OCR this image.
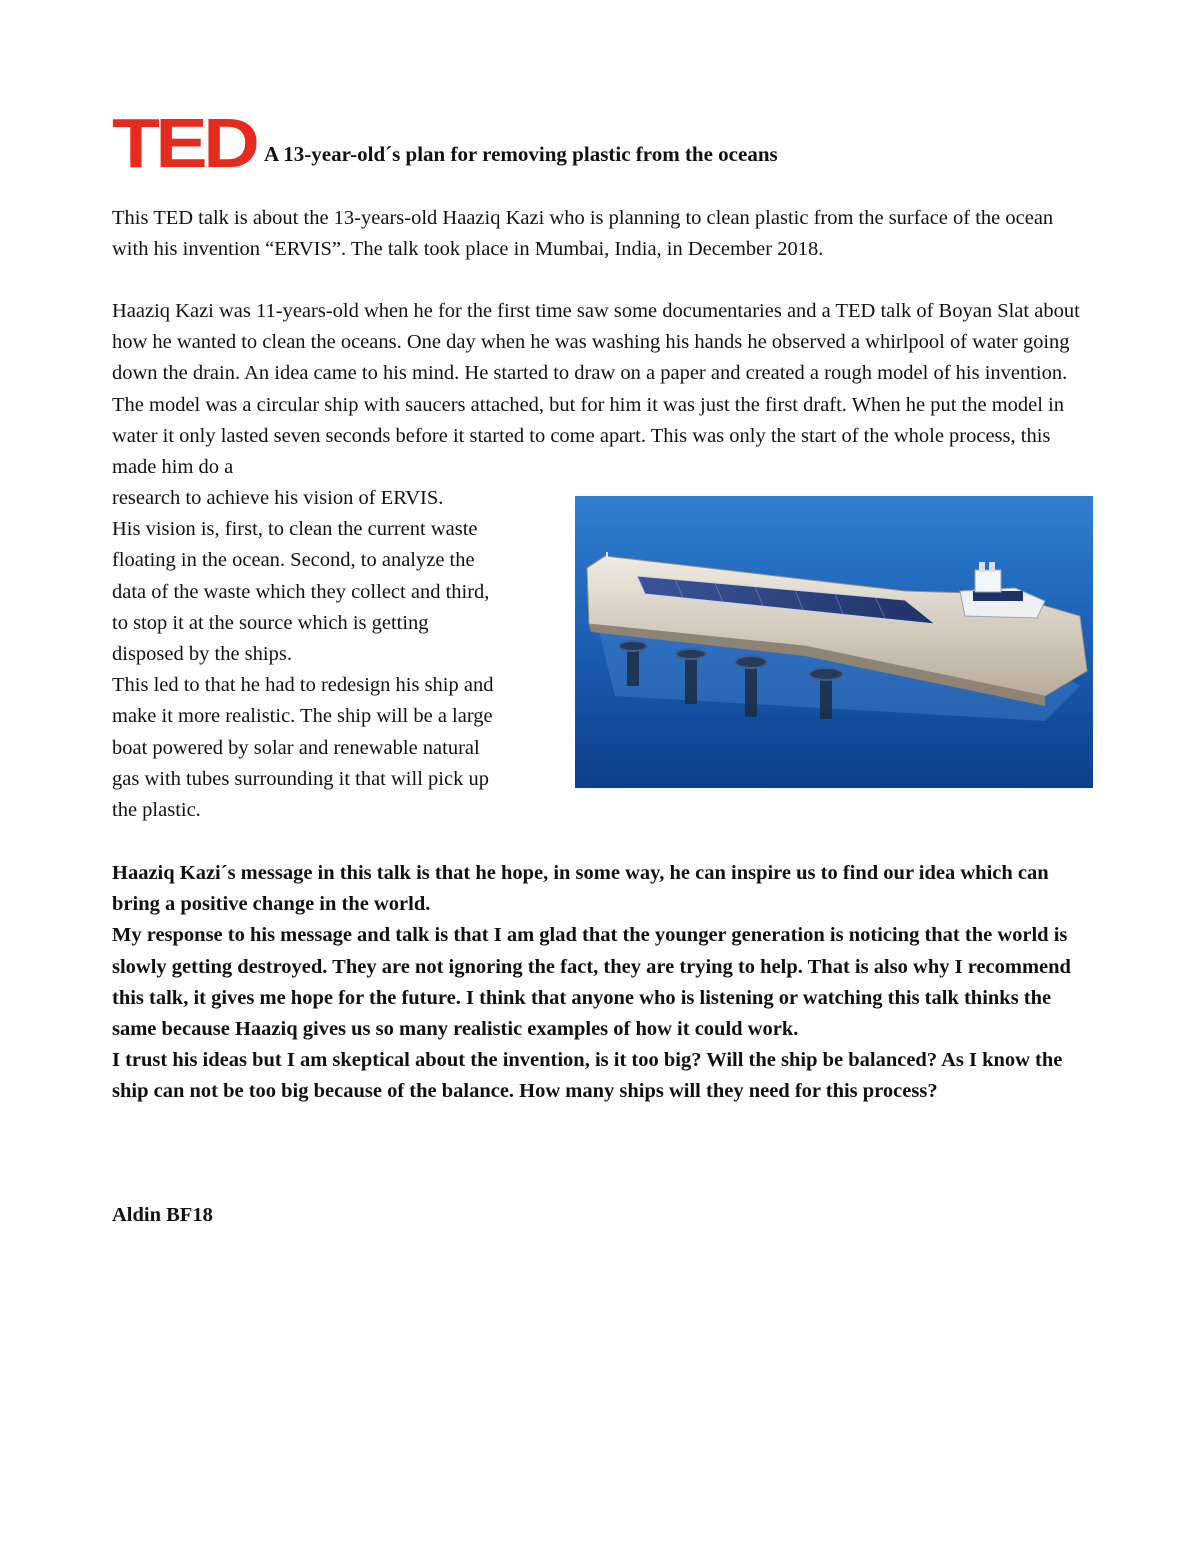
TED A 13-year-old´s plan for removing plastic from the oceans

This TED talk is about the 13-years-old Haaziq Kazi who is planning to clean plastic from the surface of the ocean with his invention “ERVIS”. The talk took place in Mumbai, India, in December 2018.

Haaziq Kazi was 11-years-old when he for the first time saw some documentaries and a TED talk of Boyan Slat about how he wanted to clean the oceans. One day when he was washing his hands he observed a whirlpool of water going down the drain. An idea came to his mind. He started to draw on a paper and created a rough model of his invention. The model was a circular ship with saucers attached, but for him it was just the first draft. When he put the model in water it only lasted seven seconds before it started to come apart. This was only the start of the whole process, this made him do a

research to achieve his vision of ERVIS.
His vision is, first, to clean the current waste
floating in the ocean. Second, to analyze the
data of the waste which they collect and third,
to stop it at the source which is getting
disposed by the ships.
This led to that he had to redesign his ship and
make it more realistic. The ship will be a large
boat powered by solar and renewable natural
gas with tubes surrounding it that will pick up
the plastic.
Haaziq Kazi´s message in this talk is that he hope, in some way, he can inspire us to find our idea which can bring a positive change in the world.
My response to his message and talk is that I am glad that the younger generation is noticing that the world is slowly getting destroyed. They are not ignoring the fact, they are trying to help. That is also why I recommend this talk, it gives me hope for the future. I think that anyone who is listening or watching this talk thinks the same because Haaziq gives us so many realistic examples of how it could work.
I trust his ideas but I am skeptical about the invention, is it too big? Will the ship be balanced? As I know the ship can not be too big because of the balance. How many ships will they need for this process?
Aldin BF18
